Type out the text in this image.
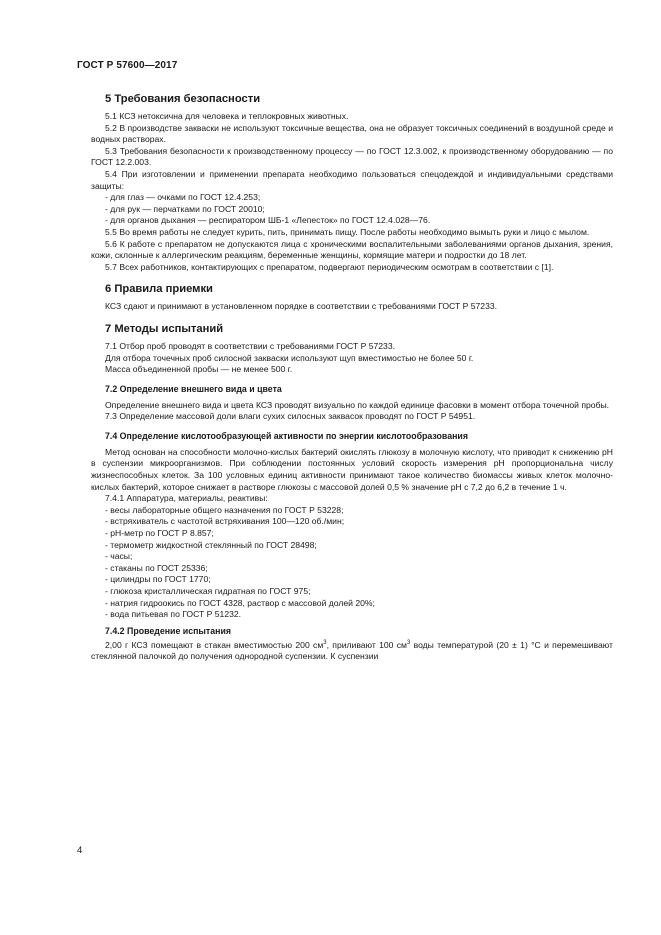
ГОСТ Р 57600—2017
5 Требования безопасности

5.1 КСЗ нетоксична для человека и теплокровных животных.

5.2 В производстве закваски не используют токсичные вещества, она не образует токсичных соединений в воздушной среде и водных растворах.

5.3 Требования безопасности к производственному процессу — по ГОСТ 12.3.002, к производственному оборудованию — по ГОСТ 12.2.003.

5.4 При изготовлении и применении препарата необходимо пользоваться спецодеждой и индивидуальными средствами защиты:

- для глаз — очками по ГОСТ 12.4.253;

- для рук — перчатками по ГОСТ 20010;

- для органов дыхания — респиратором ШБ-1 «Лепесток» по ГОСТ 12.4.028—76.

5.5 Во время работы не следует курить, пить, принимать пищу. После работы необходимо вымыть руки и лицо с мылом.

5.6 К работе с препаратом не допускаются лица с хроническими воспалительными заболеваниями органов дыхания, зрения, кожи, склонные к аллергическим реакциям, беременные женщины, кормящие матери и подростки до 18 лет.

5.7 Всех работников, контактирующих с препаратом, подвергают периодическим осмотрам в соответствии с [1].

6 Правила приемки

КСЗ сдают и принимают в установленном порядке в соответствии с требованиями ГОСТ Р 57233.

7 Методы испытаний

7.1 Отбор проб проводят в соответствии с требованиями ГОСТ Р 57233.

Для отбора точечных проб силосной закваски используют щуп вместимостью не более 50 г.

Масса объединенной пробы — не менее 500 г.

7.2 Определение внешнего вида и цвета

Определение внешнего вида и цвета КСЗ проводят визуально по каждой единице фасовки в момент отбора точечной пробы.

7.3 Определение массовой доли влаги сухих силосных заквасок проводят по ГОСТ Р 54951.

7.4 Определение кислотообразующей активности по энергии кислотообразования

Метод основан на способности молочно-кислых бактерий окислять глюкозу в молочную кислоту, что приводит к снижению рН в суспензии микроорганизмов. При соблюдении постоянных условий скорость измерения рН пропорциональна числу жизнеспособных клеток. За 100 условных единиц активности принимают такое количество биомассы живых клеток молочно-кислых бактерий, которое снижает в растворе глюкозы с массовой долей 0,5 % значение рН с 7,2 до 6,2 в течение 1 ч.

7.4.1 Аппаратура, материалы, реактивы:

- весы лабораторные общего назначения по ГОСТ Р 53228;

- встряхиватель с частотой встряхивания 100—120 об./мин;

- рН-метр по ГОСТ Р 8.857;

- термометр жидкостной стеклянный по ГОСТ 28498;

- часы;

- стаканы по ГОСТ 25336;

- цилиндры по ГОСТ 1770;

- глюкоза кристаллическая гидратная по ГОСТ 975;

- натрия гидроокись по ГОСТ 4328, раствор с массовой долей 20%;

- вода питьевая по ГОСТ Р 51232.

7.4.2 Проведение испытания

2,00 г КСЗ помещают в стакан вместимостью 200 $см^3$, приливают 100 $см^3$ воды температурой (20 ± 1) °С и перемешивают стеклянной палочкой до получения однородной суспензии. К суспензии

4
